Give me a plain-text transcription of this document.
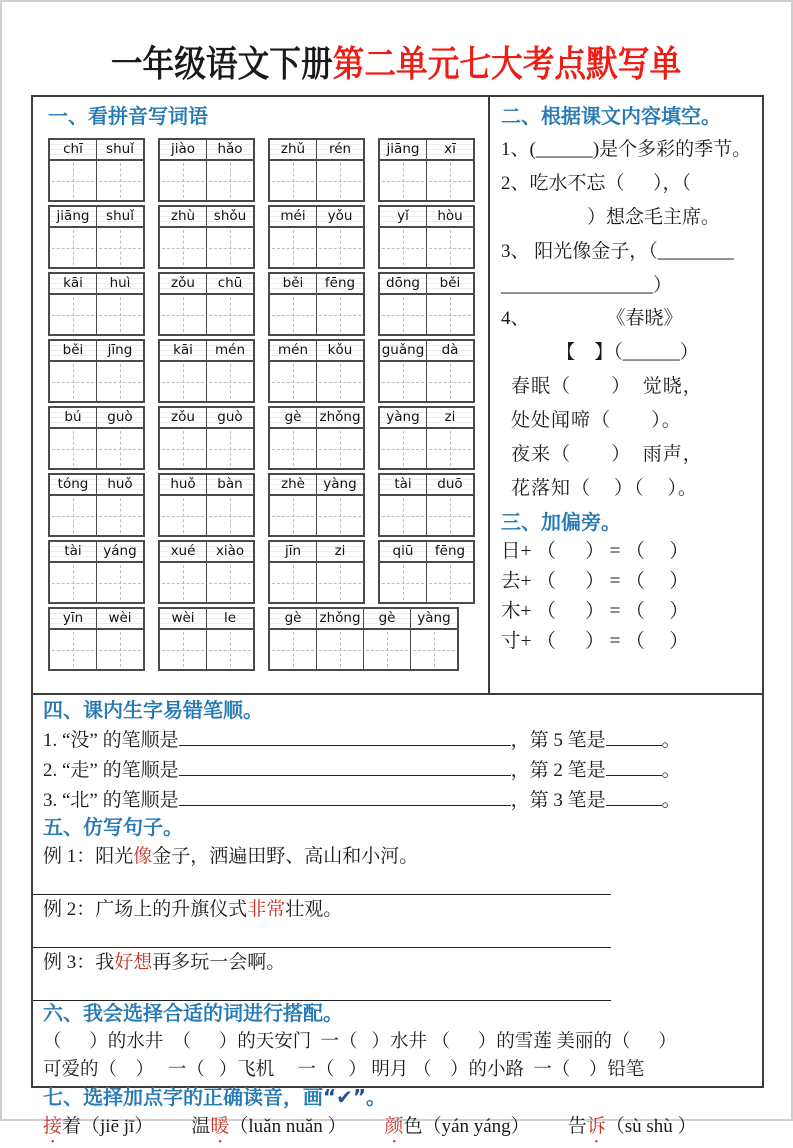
一年级语文下册第二单元七大考点默写单
一、看拼音写词语
chī	shuǐ	jiào	hǎo	zhǔ	rén	jiāng	xī
jiāng	shuǐ	zhù	shǒu	méi	yǒu	yǐ	hòu
kāi	huì	zǒu	chū	běi	fēng	dōng	běi
běi	jīng	kāi	mén	mén	kǒu	guǎng	dà
bú	guò	zǒu	guò	gè	zhǒng	yàng	zi
tóng	huǒ	huǒ	bàn	zhè	yàng	tài	duō
tài	yáng	xué	xiào	jīn	zi	qiū	fēng
yīn	wèi	wèi	le	gè	zhǒng	gè	yàng
二、根据课文内容填空。
1、(______)是个多彩的季节。
2、吃水不忘（      ），（
）想念毛主席。
3、 阳光像金子，（________
________________）
4、	《春晓》
【　】（______）
春眠（       ）  觉晓，
处处闻啼（       ）。
夜来（       ）  雨声，
花落知（    ）（    ）。
三、加偏旁。
日+ （      ） = （     ）
去+ （      ） = （     ）
木+ （      ） = （     ）
寸+ （      ） = （     ）
四、课内生字易错笔顺。
1. “没” 的笔顺是	，第 5 笔是	。
2. “走” 的笔顺是	，第 2 笔是	。
3. “北” 的笔顺是	，第 3 笔是	。
五、仿写句子。
例 1：阳光像金子，洒遍田野、高山和小河。
例 2：广场上的升旗仪式非常壮观。
例 3：我好想再多玩一会啊。
六、我会选择合适的词进行搭配。
（      ）的水井  （      ）的天安门  一（   ）水井 （      ）的雪莲 美丽的（      ）
可爱的（    ）   一（   ）飞机     一（   ） 明月 （    ）的小路  一（    ）铅笔
七、选择加点字的正确读音，画“✔”。
接着（jiē jī） 温暖（luǎn nuǎn ） 颜色（yán yáng） 告诉（sù shù ）
